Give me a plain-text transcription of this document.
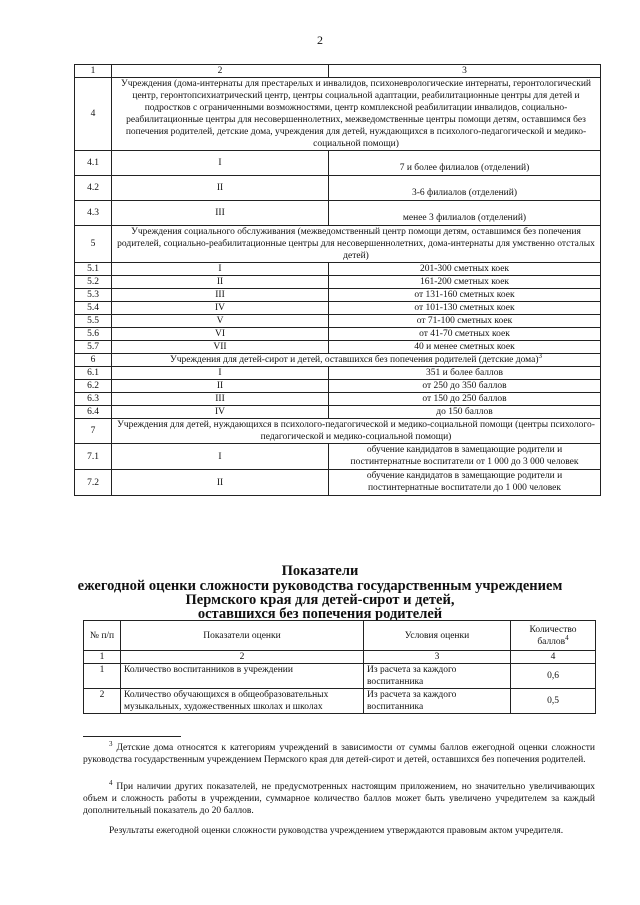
2
1	2	3
4	Учреждения (дома-интернаты для престарелых и инвалидов, психоневрологические интернаты, геронтологический центр, геронтопсихиатрический центр, центры социальной адаптации, реабилитационные центры для детей и подростков с ограниченными возможностями, центр комплексной реабилитации инвалидов, социально-реабилитационные центры для несовершеннолетних, межведомственные центры помощи детям, оставшимся без попечения родителей, детские дома, учреждения для детей, нуждающихся в психолого-педагогической и медико-социальной помощи)	
4.1	I	7 и более филиалов (отделений)
4.2	II	3-6 филиалов (отделений)
4.3	III	менее 3 филиалов (отделений)
5	Учреждения социального обслуживания (межведомственный центр помощи детям, оставшимся без попечения родителей, социально-реабилитационные центры для несовершеннолетних, дома-интернаты для умственно отсталых детей)	
5.1	I	201-300 сметных коек
5.2	II	161-200 сметных коек
5.3	III	от 131-160 сметных коек
5.4	IV	от 101-130 сметных коек
5.5	V	от 71-100 сметных коек
5.6	VI	от 41-70 сметных коек
5.7	VII	40 и менее сметных коек
6	Учреждения для детей-сирот и детей, оставшихся без попечения родителей (детские дома)$^3$
6.1	I	351 и более баллов
6.2	II	от 250 до 350 баллов
6.3	III	от 150 до 250 баллов
6.4	IV	до 150 баллов
7	Учреждения для детей, нуждающихся в психолого-педагогической и медико-социальной помощи (центры психолого-педагогической и медико-социальной помощи)	
7.1	I	обучение кандидатов в замещающие родители и постинтернатные воспитатели от 1 000 до 3 000 человек
7.2	II	обучение кандидатов в замещающие родители и постинтернатные воспитатели до 1 000 человек
Показатели
ежегодной оценки сложности руководства государственным учреждением
Пермского края для детей-сирот и детей,
оставшихся без попечения родителей
№ п/п	Показатели оценки	Условия оценки	Количество баллов$^4$
1	2	3	4
1	Количество воспитанников в учреждении	Из расчета за каждого воспитанника	0,6
2	Количество обучающихся в общеобразовательных музыкальных, художественных школах и школах	Из расчета за каждого воспитанника	0,5
$^3$ Детские дома относятся к категориям учреждений в зависимости от суммы баллов ежегодной оценки сложности руководства государственным учреждением Пермского края для детей-сирот и детей, оставшихся без попечения родителей.
$^4$ При наличии других показателей, не предусмотренных настоящим приложением, но значительно увеличивающих объем и сложность работы в учреждении, суммарное количество баллов может быть увеличено учредителем за каждый дополнительный показатель до 20 баллов.
Результаты ежегодной оценки сложности руководства учреждением утверждаются правовым актом учредителя.
